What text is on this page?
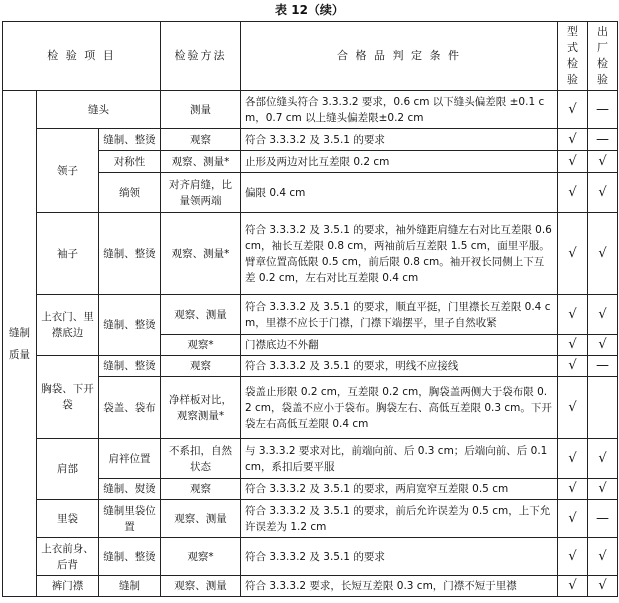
表 12（续）
检 验 项 目			检验方法	合 格 品 判 定 条 件	型式检验	出厂检验
缝制质量	缝头		测量	各部位缝头符合 3.3.3.2 要求，0.6 cm 以下缝头偏差限 ±0.1 cm，0.7 cm 以上缝头偏差限±0.2 cm	√	—
	领子	缝制、整烫	观察	符合 3.3.3.2 及 3.5.1 的要求	√	—
		对称性	观察、测量*	止形及两边对比互差限 0.2 cm	√	√
		绱领	对齐肩缝，比量领两端	偏限 0.4 cm	√	√
	袖子	缝制、整烫	观察、测量*	符合 3.3.3.2 及 3.5.1 的要求，袖外缝距肩缝左右对比互差限 0.6 cm，袖长互差限 0.8 cm，两袖前后互差限 1.5 cm，面里平服。臂章位置高低限 0.5 cm，前后限 0.8 cm。袖开衩长同侧上下互差 0.2 cm，左右对比互差限 0.4 cm	√	√
	上衣门、里襟底边	缝制、整烫	观察、测量	符合 3.3.3.2 及 3.5.1 的要求，顺直平挺，门里襟长互差限 0.4 cm，里襟不应长于门襟，门襟下端摆平，里子自然收紧	√	√
			观察*	门襟底边不外翻	√	√
	胸袋、下开袋	缝制、整烫	观察	符合 3.3.3.2 及 3.5.1 的要求，明线不应接线	√	—
		袋盖、袋布	净样板对比，观察测量*	袋盖止形限 0.2 cm，互差限 0.2 cm，胸袋盖两侧大于袋布限 0.2 cm，袋盖不应小于袋布。胸袋左右、高低互差限 0.3 cm。下开袋左右高低互差限 0.4 cm	√	
	肩部	肩袢位置	不系扣，自然状态	与 3.3.3.2 要求对比，前端向前、后 0.3 cm；后端向前、后 0.1 cm，系扣后要平服	√	√
		缝制、熨烫	观察	符合 3.3.3.2 及 3.5.1 的要求，两肩宽窄互差限 0.5 cm	√	√
	里袋	缝制里袋位置	观察、测量	符合 3.3.3.2 及 3.5.1 的要求，前后允许误差为 0.5 cm，上下允许误差为 1.2 cm	√	—
	上衣前身、后背	缝制、整烫	观察*	符合 3.3.3.2 及 3.5.1 的要求	√	√
	裤门襟	缝制	观察、测量	符合 3.3.3.2 要求，长短互差限 0.3 cm，门襟不短于里襟	√	√
